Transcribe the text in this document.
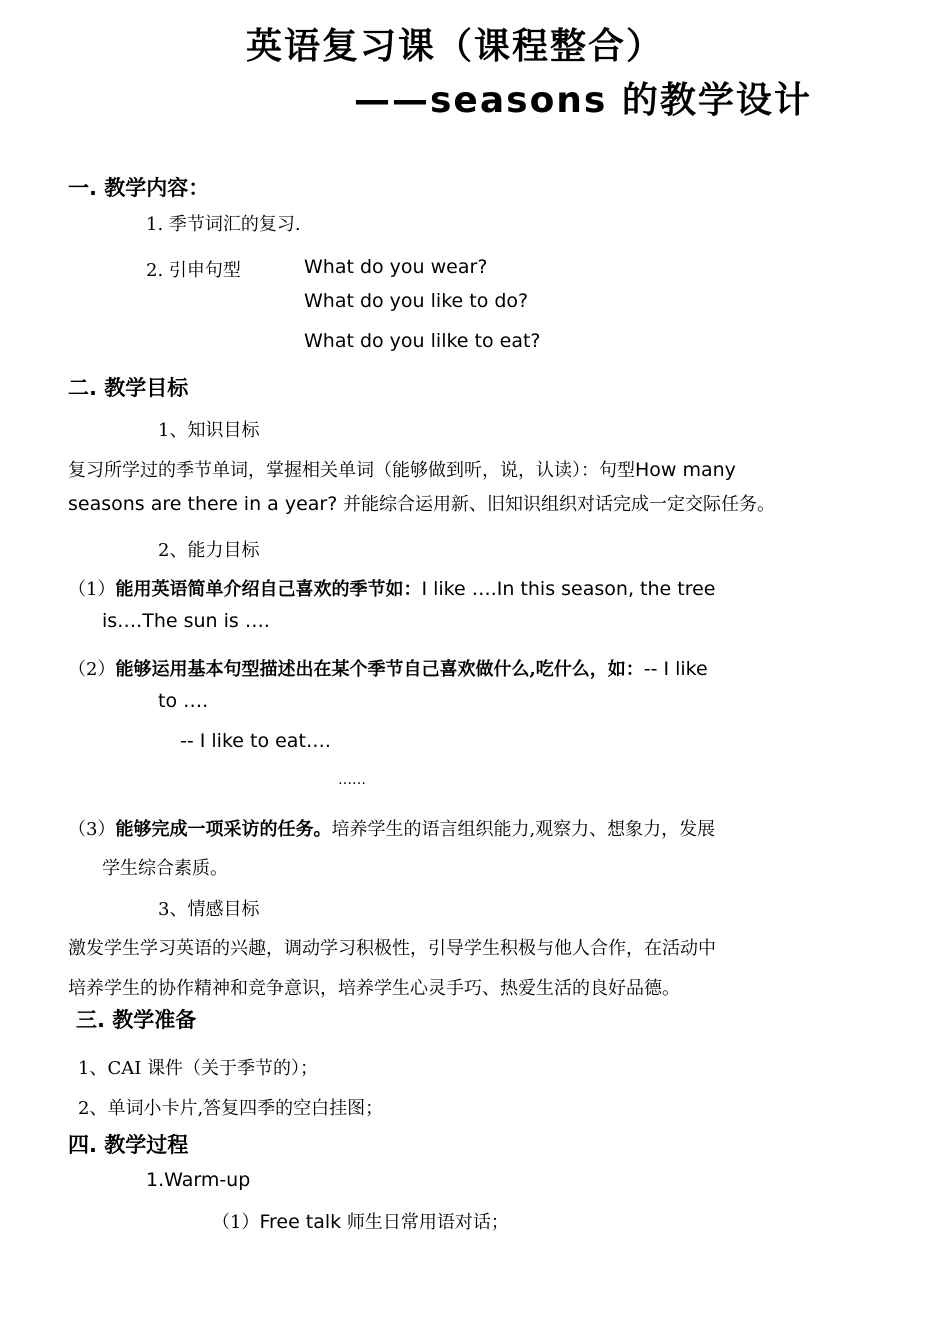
英语复习课（课程整合）
——seasons 的教学设计
一. 教学内容：
1. 季节词汇的复习.
2. 引申句型	What do you wear?
What do you like to do?
What do you lilke to eat?
二. 教学目标
1、知识目标
复习所学过的季节单词，掌握相关单词（能够做到听，说，认读）：句型How many
seasons are there in a year? 并能综合运用新、旧知识组织对话完成一定交际任务。
2、能力目标
（1）能用英语简单介绍自己喜欢的季节如：I like ….In this season, the tree
is….The sun is ….
（2）能够运用基本句型描述出在某个季节自己喜欢做什么,吃什么，如：-- I like
to ….
-- I like to eat….
……
（3）能够完成一项采访的任务。培养学生的语言组织能力,观察力、想象力，发展
学生综合素质。
3、情感目标
激发学生学习英语的兴趣，调动学习积极性，引导学生积极与他人合作，在活动中
培养学生的协作精神和竞争意识，培养学生心灵手巧、热爱生活的良好品德。
三. 教学准备
1、CAI 课件（关于季节的）；
2、单词小卡片,答复四季的空白挂图；
四. 教学过程
1.Warm-up
（1）Free talk 师生日常用语对话；
